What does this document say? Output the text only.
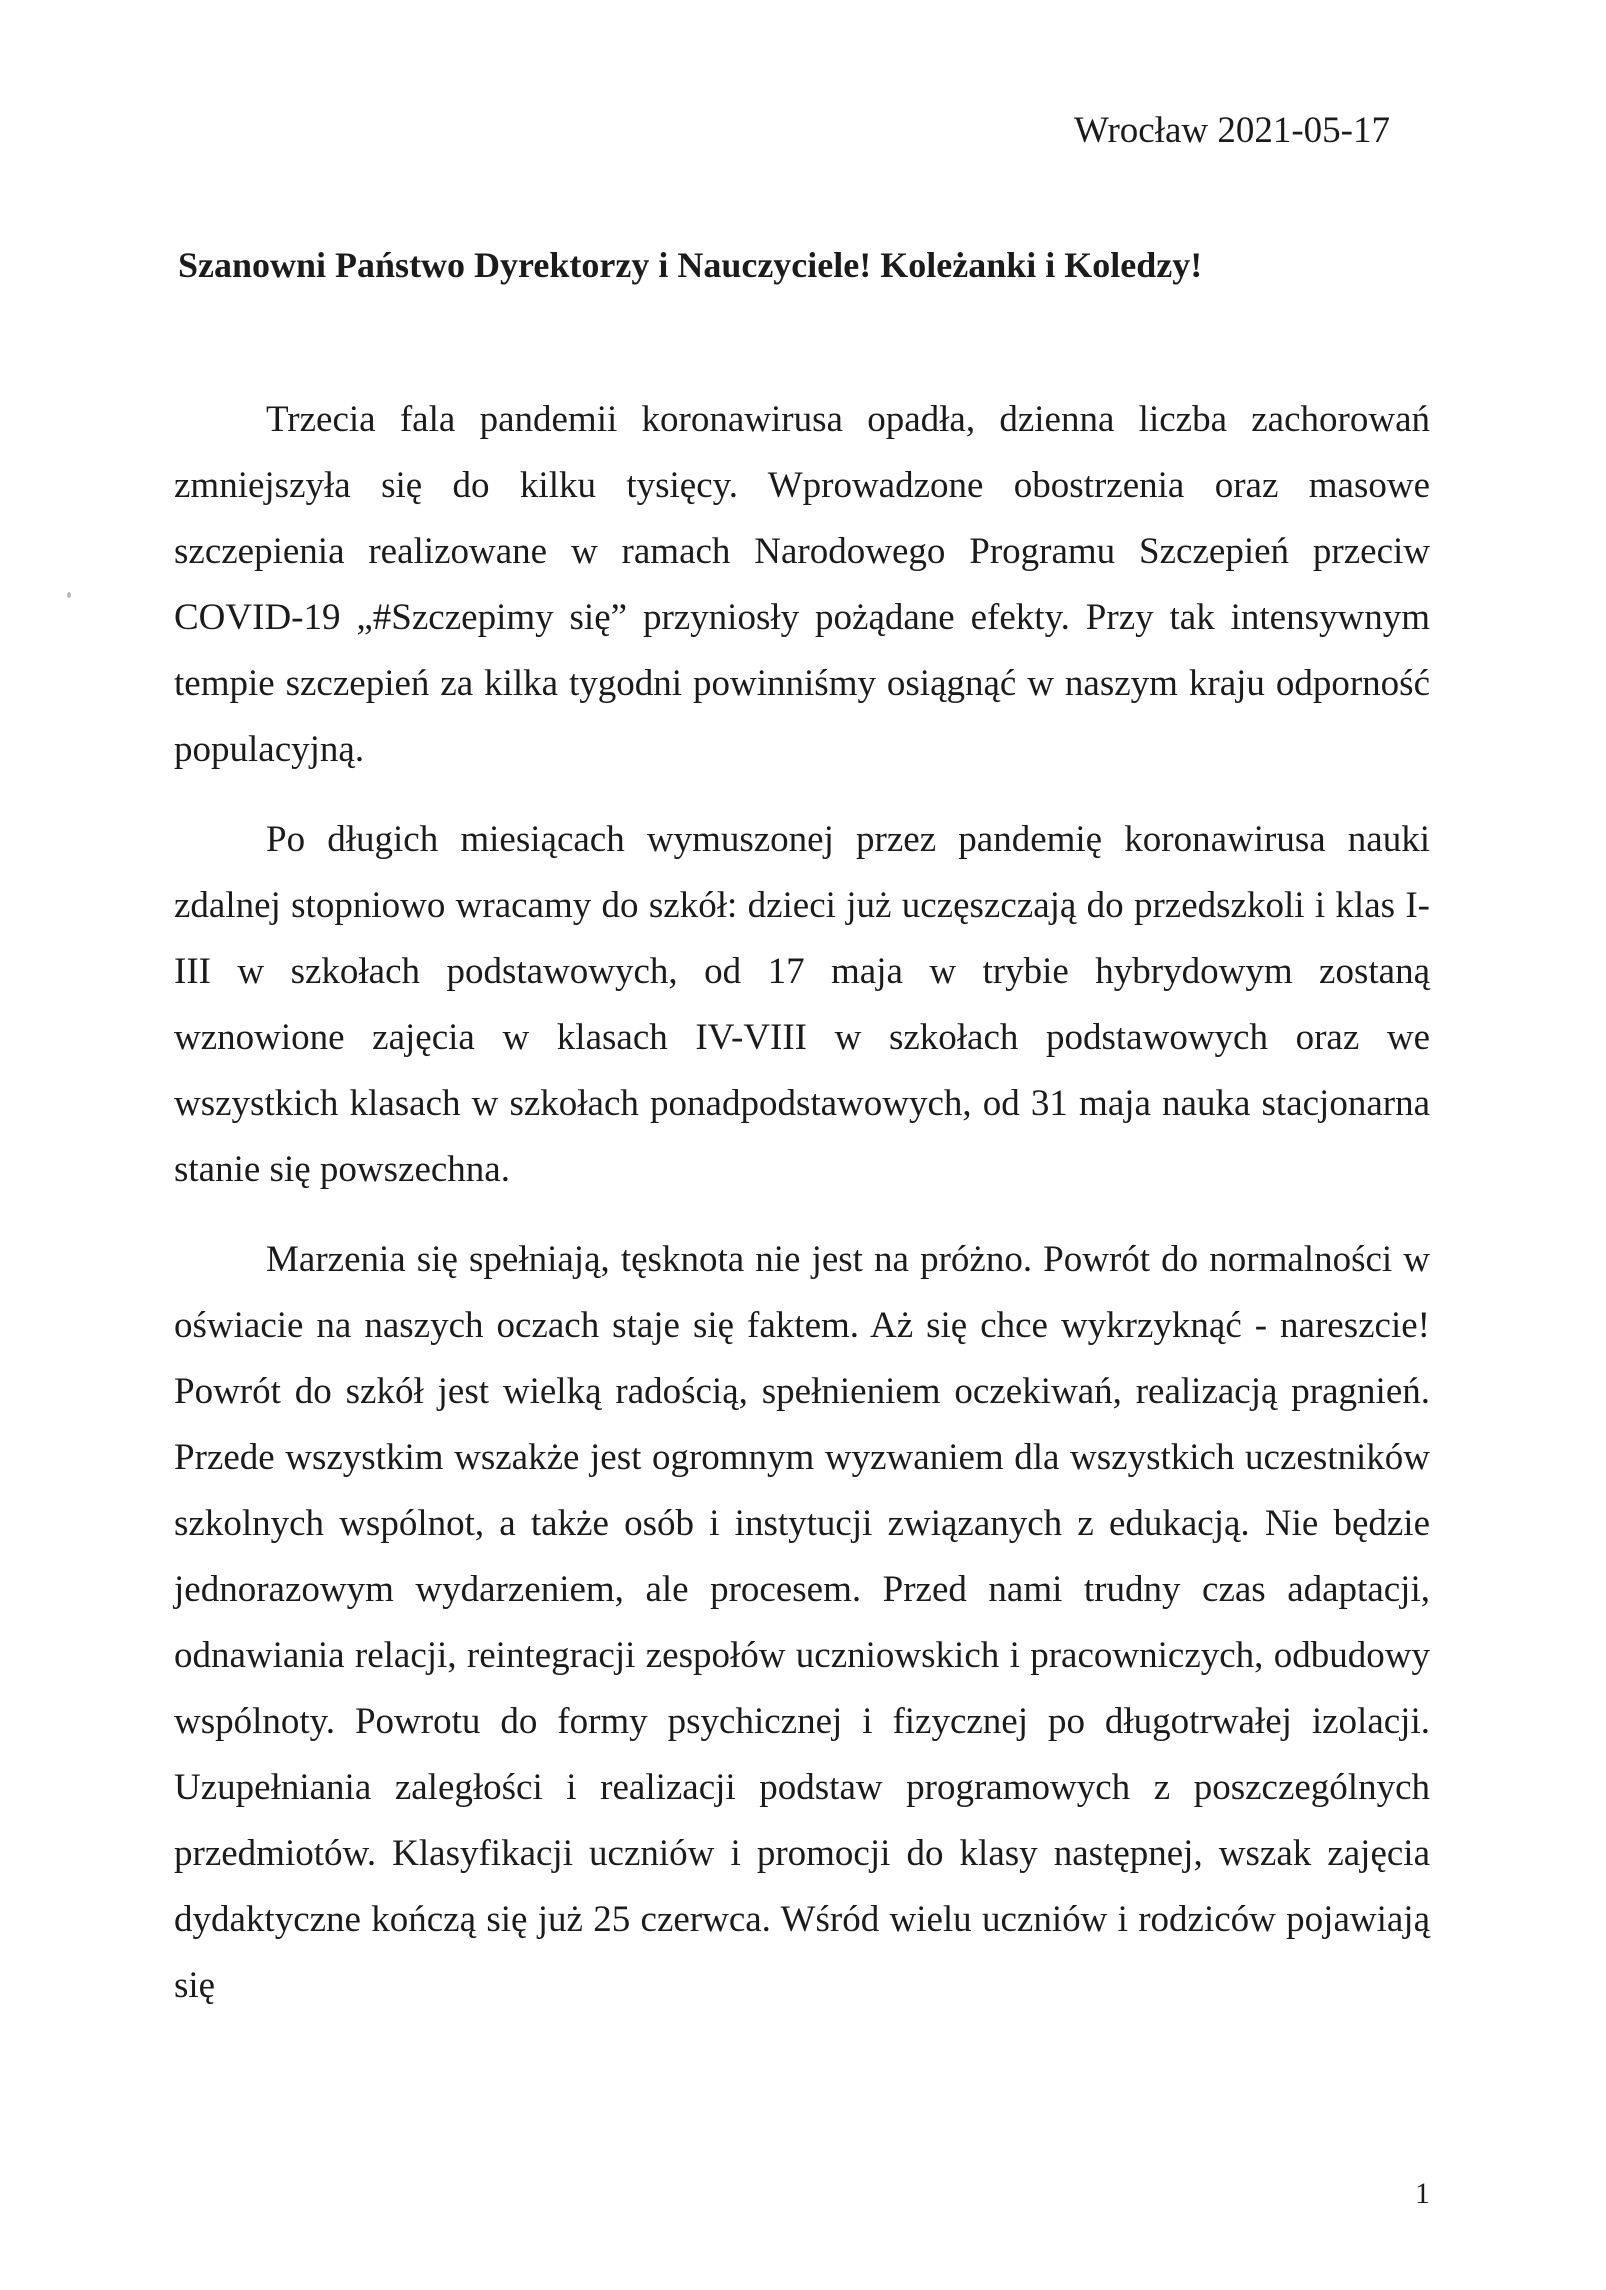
Wrocław 2021-05-17
Szanowni Państwo Dyrektorzy i Nauczyciele! Koleżanki i Koledzy!

Trzecia fala pandemii koronawirusa opadła, dzienna liczba zachorowań zmniejszyła się do kilku tysięcy. Wprowadzone obostrzenia oraz masowe szczepienia realizowane w ramach Narodowego Programu Szczepień przeciw COVID-19 „#Szczepimy się” przyniosły pożądane efekty. Przy tak intensywnym tempie szczepień za kilka tygodni powinniśmy osiągnąć w naszym kraju odporność populacyjną.

Po długich miesiącach wymuszonej przez pandemię koronawirusa nauki zdalnej stopniowo wracamy do szkół: dzieci już uczęszczają do przedszkoli i klas I-III w szkołach podstawowych, od 17 maja w trybie hybrydowym zostaną wznowione zajęcia w klasach IV-VIII w szkołach podstawowych oraz we wszystkich klasach w szkołach ponadpodstawowych, od 31 maja nauka stacjonarna stanie się powszechna.

Marzenia się spełniają, tęsknota nie jest na próżno. Powrót do normalności w oświacie na naszych oczach staje się faktem. Aż się chce wykrzyknąć - nareszcie! Powrót do szkół jest wielką radością, spełnieniem oczekiwań, realizacją pragnień. Przede wszystkim wszakże jest ogromnym wyzwaniem dla wszystkich uczestników szkolnych wspólnot, a także osób i instytucji związanych z edukacją. Nie będzie jednorazowym wydarzeniem, ale procesem. Przed nami trudny czas adaptacji, odnawiania relacji, reintegracji zespołów uczniowskich i pracowniczych, odbudowy wspólnoty. Powrotu do formy psychicznej i fizycznej po długotrwałej izolacji. Uzupełniania zaległości i realizacji podstaw programowych z poszczególnych przedmiotów. Klasyfikacji uczniów i promocji do klasy następnej, wszak zajęcia dydaktyczne kończą się już 25 czerwca. Wśród wielu uczniów i rodziców pojawiają się

1
